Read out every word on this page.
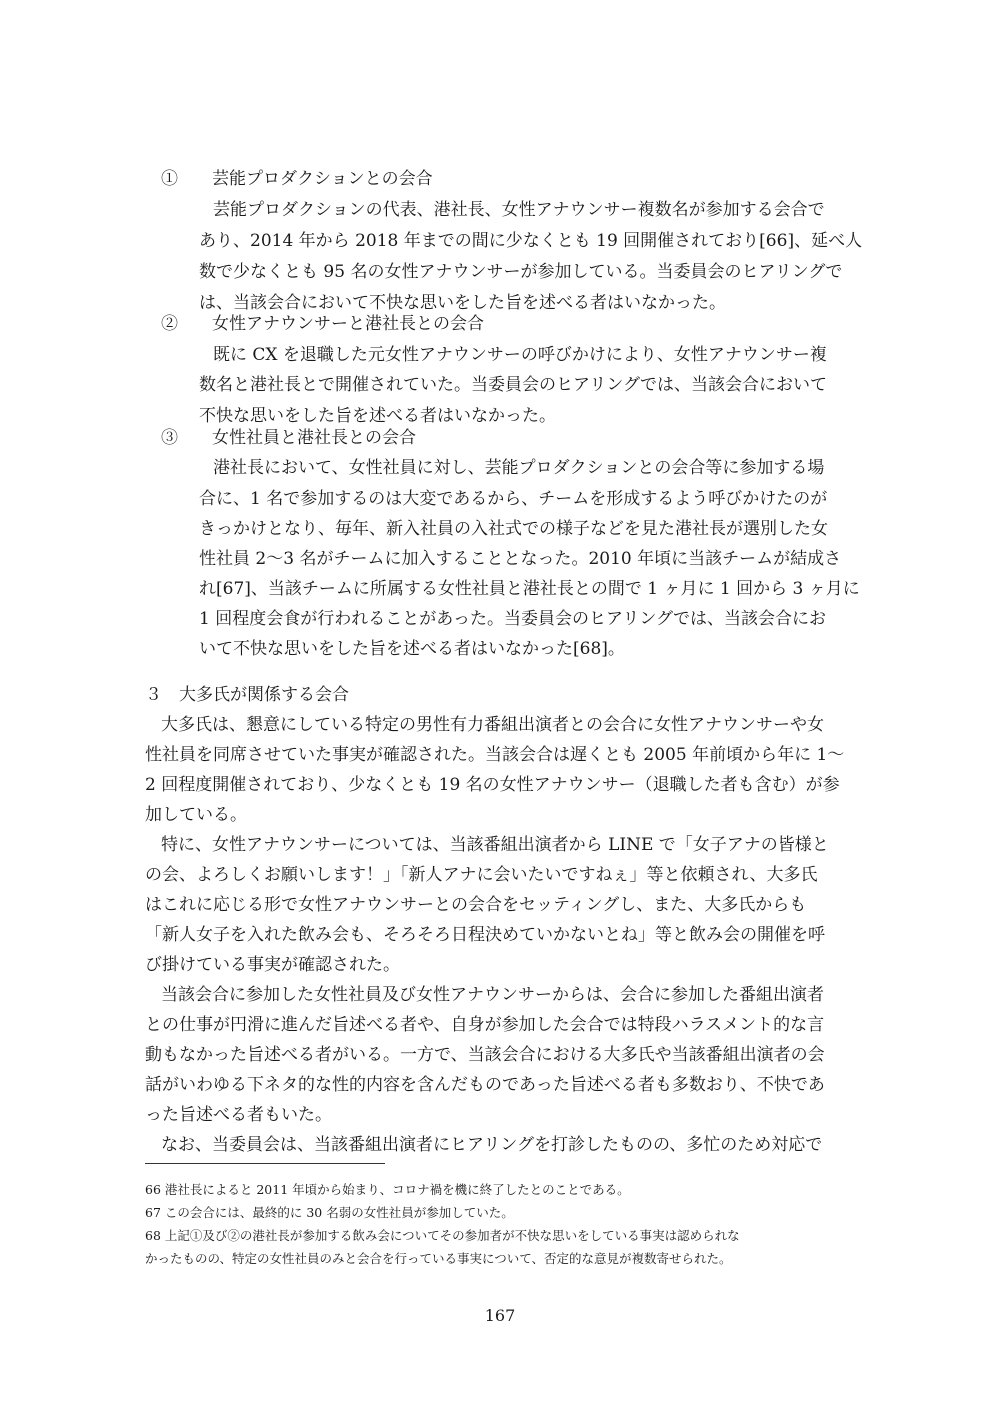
①　　芸能プロダクションとの会合
芸能プロダクションの代表、港社長、女性アナウンサー複数名が参加する会合で
あり、2014 年から 2018 年までの間に少なくとも 19 回開催されており[66]、延べ人
数で少なくとも 95 名の女性アナウンサーが参加している。当委員会のヒアリングで
は、当該会合において不快な思いをした旨を述べる者はいなかった。
②　　女性アナウンサーと港社長との会合
既に CX を退職した元女性アナウンサーの呼びかけにより、女性アナウンサー複
数名と港社長とで開催されていた。当委員会のヒアリングでは、当該会合において
不快な思いをした旨を述べる者はいなかった。
③　　女性社員と港社長との会合
港社長において、女性社員に対し、芸能プロダクションとの会合等に参加する場
合に、1 名で参加するのは大変であるから、チームを形成するよう呼びかけたのが
きっかけとなり、毎年、新入社員の入社式での様子などを見た港社長が選別した女
性社員 2～3 名がチームに加入することとなった。2010 年頃に当該チームが結成さ
れ[67]、当該チームに所属する女性社員と港社長との間で 1 ヶ月に 1 回から 3 ヶ月に
1 回程度会食が行われることがあった。当委員会のヒアリングでは、当該会合にお
いて不快な思いをした旨を述べる者はいなかった[68]。
３　大多氏が関係する会合
大多氏は、懇意にしている特定の男性有力番組出演者との会合に女性アナウンサーや女
性社員を同席させていた事実が確認された。当該会合は遅くとも 2005 年前頃から年に 1～
2 回程度開催されており、少なくとも 19 名の女性アナウンサー（退職した者も含む）が参
加している。
特に、女性アナウンサーについては、当該番組出演者から LINE で「女子アナの皆様と
の会、よろしくお願いします！」「新人アナに会いたいですねぇ」等と依頼され、大多氏
はこれに応じる形で女性アナウンサーとの会合をセッティングし、また、大多氏からも
「新人女子を入れた飲み会も、そろそろ日程決めていかないとね」等と飲み会の開催を呼
び掛けている事実が確認された。
当該会合に参加した女性社員及び女性アナウンサーからは、会合に参加した番組出演者
との仕事が円滑に進んだ旨述べる者や、自身が参加した会合では特段ハラスメント的な言
動もなかった旨述べる者がいる。一方で、当該会合における大多氏や当該番組出演者の会
話がいわゆる下ネタ的な性的内容を含んだものであった旨述べる者も多数おり、不快であ
った旨述べる者もいた。
なお、当委員会は、当該番組出演者にヒアリングを打診したものの、多忙のため対応で
66 港社長によると 2011 年頃から始まり、コロナ禍を機に終了したとのことである。
67 この会合には、最終的に 30 名弱の女性社員が参加していた。
68 上記①及び②の港社長が参加する飲み会についてその参加者が不快な思いをしている事実は認められな
かったものの、特定の女性社員のみと会合を行っている事実について、否定的な意見が複数寄せられた。
167
